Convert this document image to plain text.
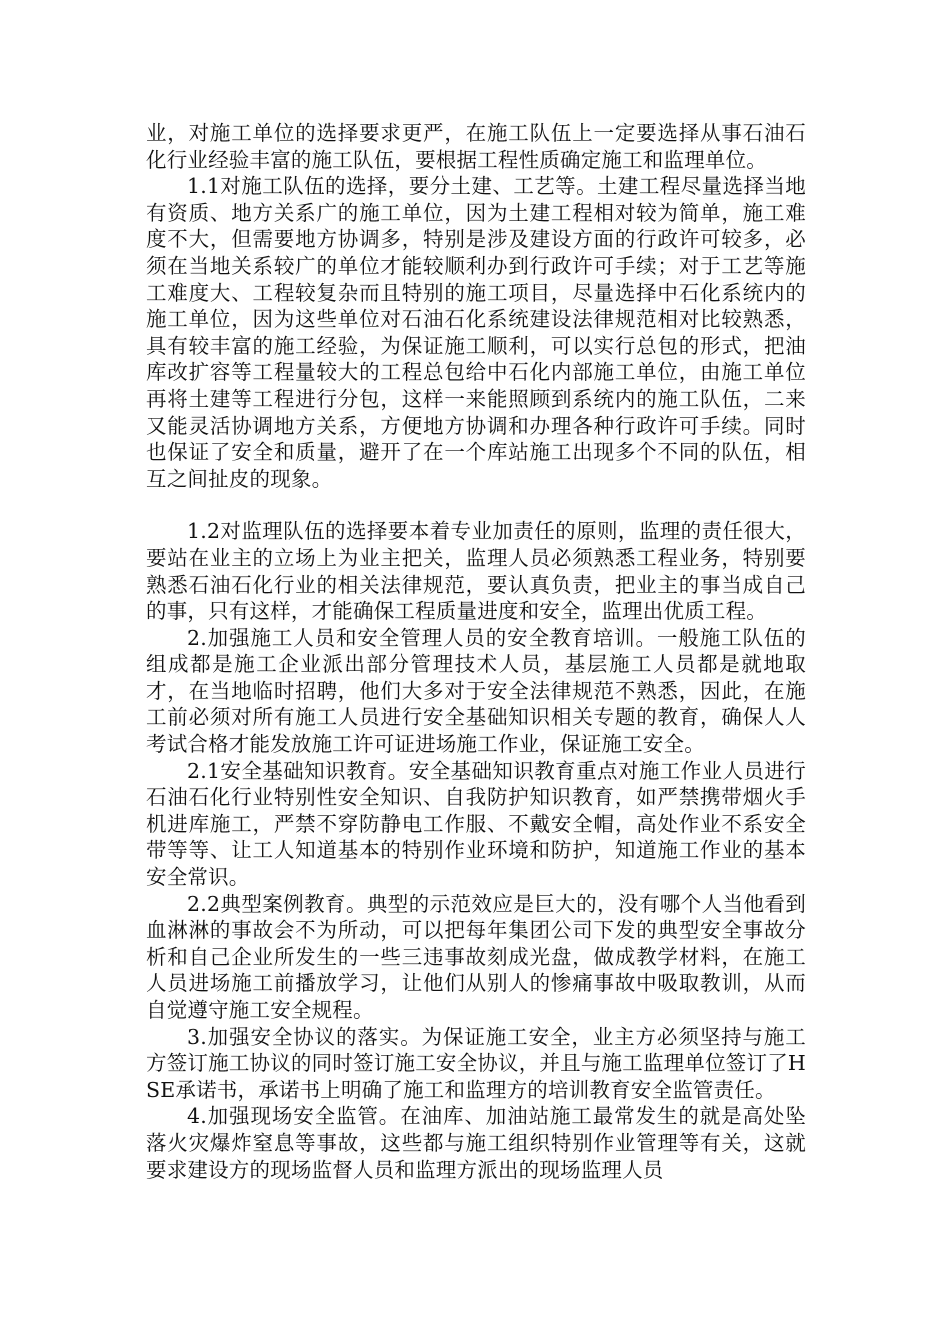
业，对施工单位的选择要求更严，在施工队伍上一定要选择从事石油石化行业经验丰富的施工队伍，要根据工程性质确定施工和监理单位。

1.1对施工队伍的选择，要分土建、工艺等。土建工程尽量选择当地有资质、地方关系广的施工单位，因为土建工程相对较为简单，施工难度不大，但需要地方协调多，特别是涉及建设方面的行政许可较多，必须在当地关系较广的单位才能较顺利办到行政许可手续；对于工艺等施工难度大、工程较复杂而且特别的施工项目，尽量选择中石化系统内的施工单位，因为这些单位对石油石化系统建设法律规范相对比较熟悉，具有较丰富的施工经验，为保证施工顺利，可以实行总包的形式，把油库改扩容等工程量较大的工程总包给中石化内部施工单位，由施工单位再将土建等工程进行分包，这样一来能照顾到系统内的施工队伍，二来又能灵活协调地方关系，方便地方协调和办理各种行政许可手续。同时也保证了安全和质量，避开了在一个库站施工出现多个不同的队伍，相互之间扯皮的现象。

1.2对监理队伍的选择要本着专业加责任的原则，监理的责任很大，要站在业主的立场上为业主把关，监理人员必须熟悉工程业务，特别要熟悉石油石化行业的相关法律规范，要认真负责，把业主的事当成自己的事，只有这样，才能确保工程质量进度和安全，监理出优质工程。

2.加强施工人员和安全管理人员的安全教育培训。一般施工队伍的组成都是施工企业派出部分管理技术人员，基层施工人员都是就地取才，在当地临时招聘，他们大多对于安全法律规范不熟悉，因此，在施工前必须对所有施工人员进行安全基础知识相关专题的教育，确保人人考试合格才能发放施工许可证进场施工作业，保证施工安全。

2.1安全基础知识教育。安全基础知识教育重点对施工作业人员进行石油石化行业特别性安全知识、自我防护知识教育，如严禁携带烟火手机进库施工，严禁不穿防静电工作服、不戴安全帽，高处作业不系安全带等等、让工人知道基本的特别作业环境和防护，知道施工作业的基本安全常识。

2.2典型案例教育。典型的示范效应是巨大的，没有哪个人当他看到血淋淋的事故会不为所动，可以把每年集团公司下发的典型安全事故分析和自己企业所发生的一些三违事故刻成光盘，做成教学材料，在施工人员进场施工前播放学习，让他们从别人的惨痛事故中吸取教训，从而自觉遵守施工安全规程。

3.加强安全协议的落实。为保证施工安全，业主方必须坚持与施工方签订施工协议的同时签订施工安全协议，并且与施工监理单位签订了HSE承诺书，承诺书上明确了施工和监理方的培训教育安全监管责任。

4.加强现场安全监管。在油库、加油站施工最常发生的就是高处坠落火灾爆炸窒息等事故，这些都与施工组织特别作业管理等有关，这就要求建设方的现场监督人员和监理方派出的现场监理人员
